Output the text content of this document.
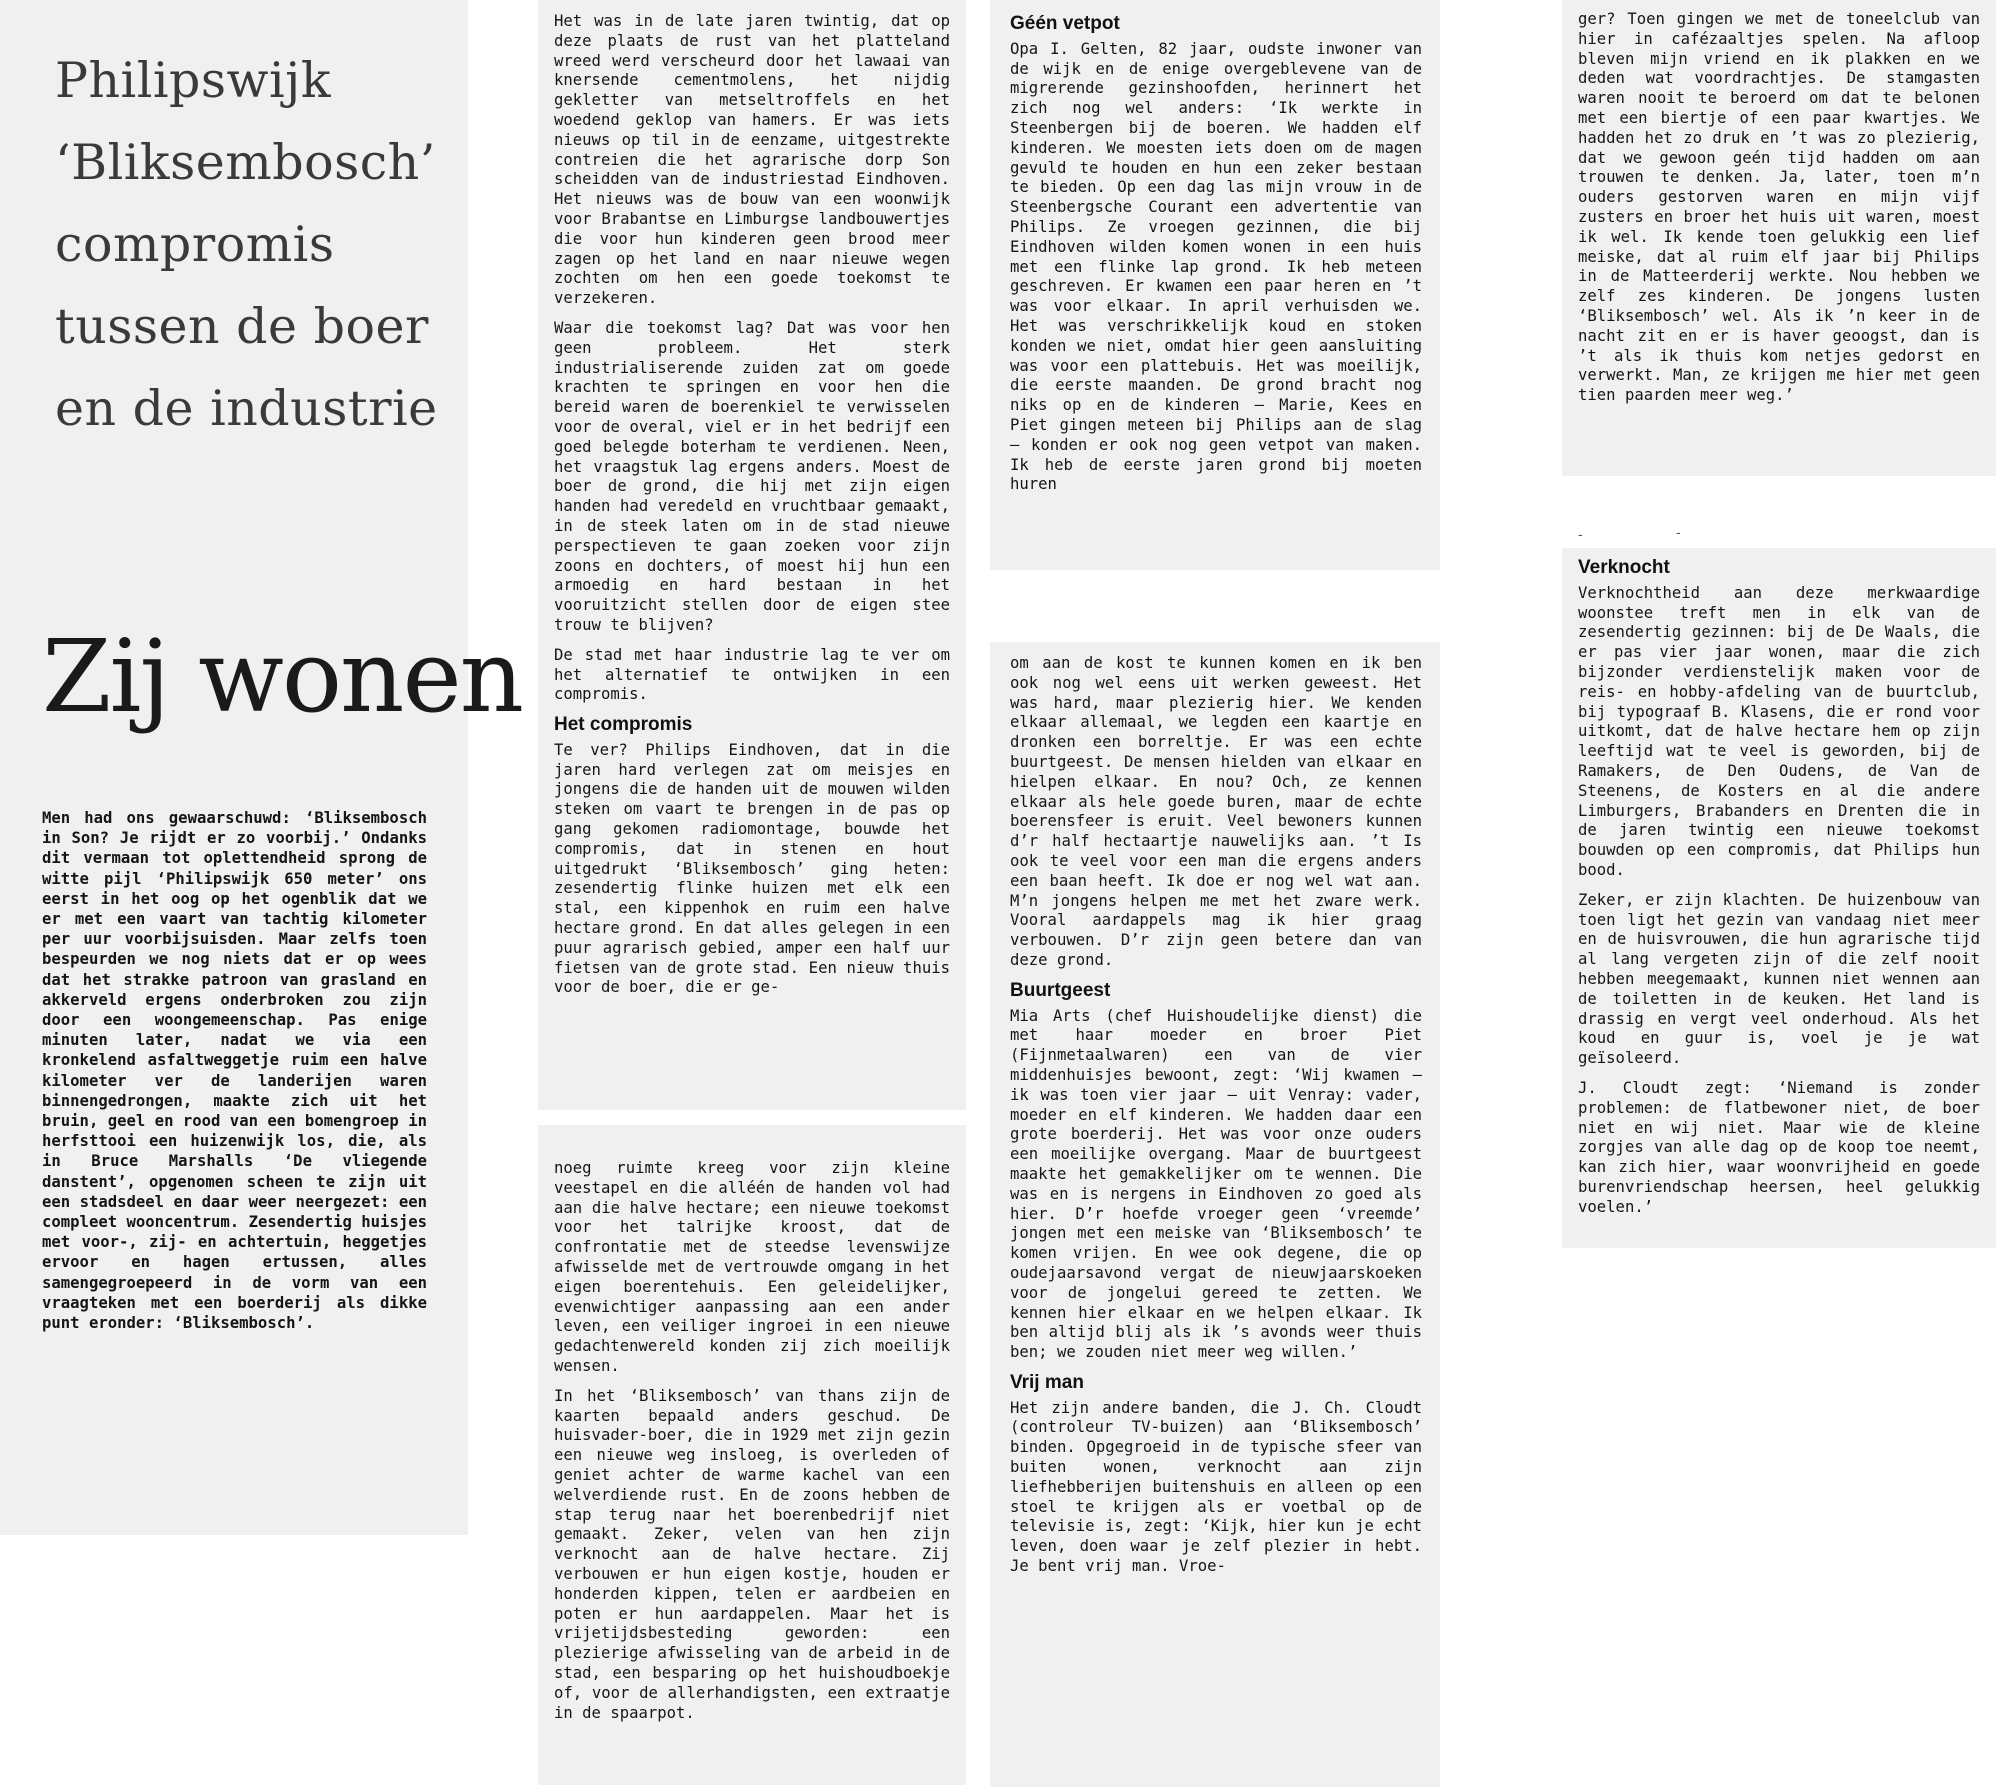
Philipswijk
‘Bliksembosch’
compromis
tussen de boer
en de industrie
Zij wonen
Men had ons gewaarschuwd: ‘Bliksembosch in Son? Je rijdt er zo voorbij.’ Ondanks dit vermaan tot oplettendheid sprong de witte pijl ‘Philipswijk 650 meter’ ons eerst in het oog op het ogenblik dat we er met een vaart van tachtig kilometer per uur voorbijsuisden. Maar zelfs toen bespeurden we nog niets dat er op wees dat het strakke patroon van grasland en akkerveld ergens onderbroken zou zijn door een woongemeenschap. Pas enige minuten later, nadat we via een kronkelend asfaltweggetje ruim een halve kilometer ver de landerijen waren binnengedrongen, maakte zich uit het bruin, geel en rood van een bomengroep in herfsttooi een huizenwijk los, die, als in Bruce Marshalls ‘De vliegende danstent’, opgenomen scheen te zijn uit een stadsdeel en daar weer neergezet: een compleet wooncentrum. Zesendertig huisjes met voor-, zij- en achtertuin, heggetjes ervoor en hagen ertussen, alles samengegroepeerd in de vorm van een vraagteken met een boerderij als dikke punt eronder: ‘Bliksembosch’.

Het was in de late jaren twintig, dat op deze plaats de rust van het platteland wreed werd verscheurd door het lawaai van knersende cementmolens, het nijdig gekletter van metseltroffels en het woedend geklop van hamers. Er was iets nieuws op til in de eenzame, uitgestrekte contreien die het agrarische dorp Son scheidden van de industriestad Eindhoven. Het nieuws was de bouw van een woonwijk voor Brabantse en Limburgse landbouwertjes die voor hun kinderen geen brood meer zagen op het land en naar nieuwe wegen zochten om hen een goede toekomst te verzekeren.

Waar die toekomst lag? Dat was voor hen geen probleem. Het sterk industrialiserende zuiden zat om goede krachten te springen en voor hen die bereid waren de boerenkiel te verwisselen voor de overal, viel er in het bedrijf een goed belegde boterham te verdienen. Neen, het vraagstuk lag ergens anders. Moest de boer de grond, die hij met zijn eigen handen had veredeld en vruchtbaar gemaakt, in de steek laten om in de stad nieuwe perspectieven te gaan zoeken voor zijn zoons en dochters, of moest hij hun een armoedig en hard bestaan in het vooruitzicht stellen door de eigen stee trouw te blijven?

De stad met haar industrie lag te ver om het alternatief te ontwijken in een compromis.

Het compromis

Te ver? Philips Eindhoven, dat in die jaren hard verlegen zat om meisjes en jongens die de handen uit de mouwen wilden steken om vaart te brengen in de pas op gang gekomen radiomontage, bouwde het compromis, dat in stenen en hout uitgedrukt ‘Bliksembosch’ ging heten: zesendertig flinke huizen met elk een stal, een kippenhok en ruim een halve hectare grond. En dat alles gelegen in een puur agrarisch gebied, amper een half uur fietsen van de grote stad. Een nieuw thuis voor de boer, die er ge-

noeg ruimte kreeg voor zijn kleine veestapel en die alléén de handen vol had aan die halve hectare; een nieuwe toekomst voor het talrijke kroost, dat de confrontatie met de steedse levenswijze afwisselde met de vertrouwde omgang in het eigen boerentehuis. Een geleidelijker, evenwichtiger aanpassing aan een ander leven, een veiliger ingroei in een nieuwe gedachtenwereld konden zij zich moeilijk wensen.

In het ‘Bliksembosch’ van thans zijn de kaarten bepaald anders geschud. De huisvader-boer, die in 1929 met zijn gezin een nieuwe weg insloeg, is overleden of geniet achter de warme kachel van een welverdiende rust. En de zoons hebben de stap terug naar het boerenbedrijf niet gemaakt. Zeker, velen van hen zijn verknocht aan de halve hectare. Zij verbouwen er hun eigen kostje, houden er honderden kippen, telen er aardbeien en poten er hun aardappelen. Maar het is vrijetijdsbesteding geworden: een plezierige afwisseling van de arbeid in de stad, een besparing op het huishoudboekje of, voor de allerhandigsten, een extraatje in de spaarpot.

Géén vetpot

Opa I. Gelten, 82 jaar, oudste inwoner van de wijk en de enige overgeblevene van de migrerende gezinshoofden, herinnert het zich nog wel anders: ‘Ik werkte in Steenbergen bij de boeren. We hadden elf kinderen. We moesten iets doen om de magen gevuld te houden en hun een zeker bestaan te bieden. Op een dag las mijn vrouw in de Steenbergsche Courant een advertentie van Philips. Ze vroegen gezinnen, die bij Eindhoven wilden komen wonen in een huis met een flinke lap grond. Ik heb meteen geschreven. Er kwamen een paar heren en ’t was voor elkaar. In april verhuisden we. Het was verschrikkelijk koud en stoken konden we niet, omdat hier geen aansluiting was voor een plattebuis. Het was moeilijk, die eerste maanden. De grond bracht nog niks op en de kinderen — Marie, Kees en Piet gingen meteen bij Philips aan de slag — konden er ook nog geen vetpot van maken. Ik heb de eerste jaren grond bij moeten huren

om aan de kost te kunnen komen en ik ben ook nog wel eens uit werken geweest. Het was hard, maar plezierig hier. We kenden elkaar allemaal, we legden een kaartje en dronken een borreltje. Er was een echte buurtgeest. De mensen hielden van elkaar en hielpen elkaar. En nou? Och, ze kennen elkaar als hele goede buren, maar de echte boerensfeer is eruit. Veel bewoners kunnen d’r half hectaartje nauwelijks aan. ’t Is ook te veel voor een man die ergens anders een baan heeft. Ik doe er nog wel wat aan. M’n jongens helpen me met het zware werk. Vooral aardappels mag ik hier graag verbouwen. D’r zijn geen betere dan van deze grond.

Buurtgeest

Mia Arts (chef Huishoudelijke dienst) die met haar moeder en broer Piet (Fijnmetaalwaren) een van de vier middenhuisjes bewoont, zegt: ‘Wij kwamen — ik was toen vier jaar — uit Venray: vader, moeder en elf kinderen. We hadden daar een grote boerderij. Het was voor onze ouders een moeilijke overgang. Maar de buurtgeest maakte het gemakkelijker om te wennen. Die was en is nergens in Eindhoven zo goed als hier. D’r hoefde vroeger geen ‘vreemde’ jongen met een meiske van ‘Bliksembosch’ te komen vrijen. En wee ook degene, die op oudejaarsavond vergat de nieuwjaarskoeken voor de jongelui gereed te zetten. We kennen hier elkaar en we helpen elkaar. Ik ben altijd blij als ik ’s avonds weer thuis ben; we zouden niet meer weg willen.’

Vrij man

Het zijn andere banden, die J. Ch. Cloudt (controleur TV-buizen) aan ‘Bliksembosch’ binden. Opgegroeid in de typische sfeer van buiten wonen, verknocht aan zijn liefhebberijen buitenshuis en alleen op een stoel te krijgen als er voetbal op de televisie is, zegt: ‘Kijk, hier kun je echt leven, doen waar je zelf plezier in hebt. Je bent vrij man. Vroe-

ger? Toen gingen we met de toneelclub van hier in cafézaaltjes spelen. Na afloop bleven mijn vriend en ik plakken en we deden wat voordrachtjes. De stamgasten waren nooit te beroerd om dat te belonen met een biertje of een paar kwartjes. We hadden het zo druk en ’t was zo plezierig, dat we gewoon geén tijd hadden om aan trouwen te denken. Ja, later, toen m’n ouders gestorven waren en mijn vijf zusters en broer het huis uit waren, moest ik wel. Ik kende toen gelukkig een lief meiske, dat al ruim elf jaar bij Philips in de Matteerderij werkte. Nou hebben we zelf zes kinderen. De jongens lusten ‘Bliksembosch’ wel. Als ik ’n keer in de nacht zit en er is haver geoogst, dan is ’t als ik thuis kom netjes gedorst en verwerkt. Man, ze krijgen me hier met geen tien paarden meer weg.’

-	-
Verknocht

Verknochtheid aan deze merkwaardige woonstee treft men in elk van de zesendertig gezinnen: bij de De Waals, die er pas vier jaar wonen, maar die zich bijzonder verdienstelijk maken voor de reis- en hobby-afdeling van de buurtclub, bij typograaf B. Klasens, die er rond voor uitkomt, dat de halve hectare hem op zijn leeftijd wat te veel is geworden, bij de Ramakers, de Den Oudens, de Van de Steenens, de Kosters en al die andere Limburgers, Brabanders en Drenten die in de jaren twintig een nieuwe toekomst bouwden op een compromis, dat Philips hun bood.

Zeker, er zijn klachten. De huizenbouw van toen ligt het gezin van vandaag niet meer en de huisvrouwen, die hun agrarische tijd al lang vergeten zijn of die zelf nooit hebben meegemaakt, kunnen niet wennen aan de toiletten in de keuken. Het land is drassig en vergt veel onderhoud. Als het koud en guur is, voel je je wat geïsoleerd.

J. Cloudt zegt: ‘Niemand is zonder problemen: de flatbewoner niet, de boer niet en wij niet. Maar wie de kleine zorgjes van alle dag op de koop toe neemt, kan zich hier, waar woonvrijheid en goede burenvriendschap heersen, heel gelukkig voelen.’
